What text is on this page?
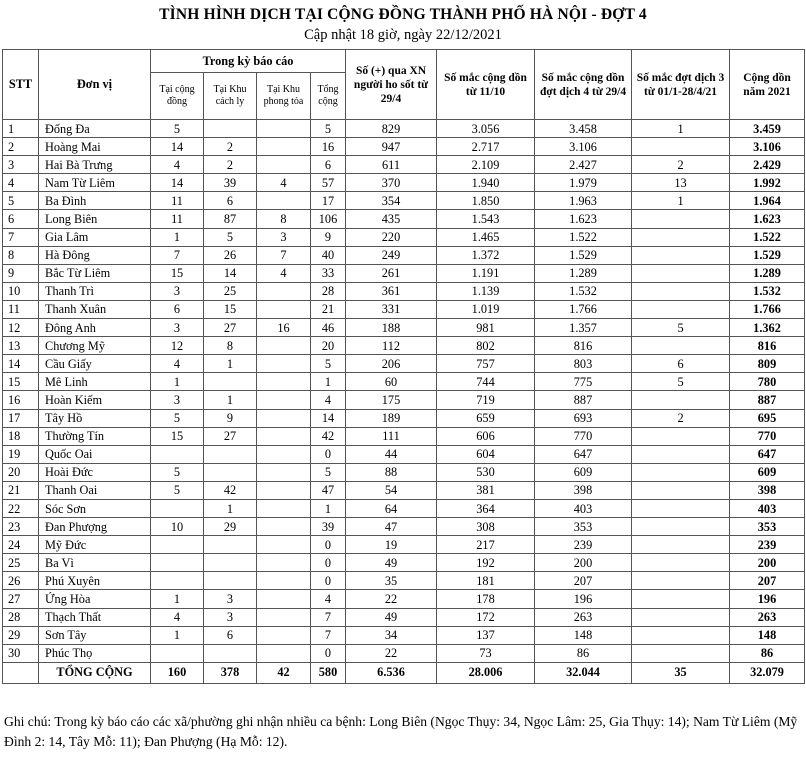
TÌNH HÌNH DỊCH TẠI CỘNG ĐỒNG THÀNH PHỐ HÀ NỘI - ĐỢT 4
Cập nhật 18 giờ, ngày 22/12/2021
STT	Đơn vị	Trong kỳ báo cáo				Số (+) qua XN người ho sốt từ 29/4	Số mắc cộng dồn từ 11/10	Số mắc cộng dồn đợt dịch 4 từ 29/4	Số mắc đợt dịch 3 từ 01/1-28/4/21	Cộng dồn năm 2021
		Tại cộng đồng	Tại Khu cách ly	Tại Khu phong tỏa	Tổng cộng					
1	Đống Đa	5			5	829	3.056	3.458	1	3.459
2	Hoàng Mai	14	2		16	947	2.717	3.106		3.106
3	Hai Bà Trưng	4	2		6	611	2.109	2.427	2	2.429
4	Nam Từ Liêm	14	39	4	57	370	1.940	1.979	13	1.992
5	Ba Đình	11	6		17	354	1.850	1.963	1	1.964
6	Long Biên	11	87	8	106	435	1.543	1.623		1.623
7	Gia Lâm	1	5	3	9	220	1.465	1.522		1.522
8	Hà Đông	7	26	7	40	249	1.372	1.529		1.529
9	Bắc Từ Liêm	15	14	4	33	261	1.191	1.289		1.289
10	Thanh Trì	3	25		28	361	1.139	1.532		1.532
11	Thanh Xuân	6	15		21	331	1.019	1.766		1.766
12	Đông Anh	3	27	16	46	188	981	1.357	5	1.362
13	Chương Mỹ	12	8		20	112	802	816		816
14	Cầu Giấy	4	1		5	206	757	803	6	809
15	Mê Linh	1			1	60	744	775	5	780
16	Hoàn Kiếm	3	1		4	175	719	887		887
17	Tây Hồ	5	9		14	189	659	693	2	695
18	Thường Tín	15	27		42	111	606	770		770
19	Quốc Oai				0	44	604	647		647
20	Hoài Đức	5			5	88	530	609		609
21	Thanh Oai	5	42		47	54	381	398		398
22	Sóc Sơn		1		1	64	364	403		403
23	Đan Phượng	10	29		39	47	308	353		353
24	Mỹ Đức				0	19	217	239		239
25	Ba Vì				0	49	192	200		200
26	Phú Xuyên				0	35	181	207		207
27	Ứng Hòa	1	3		4	22	178	196		196
28	Thạch Thất	4	3		7	49	172	263		263
29	Sơn Tây	1	6		7	34	137	148		148
30	Phúc Thọ				0	22	73	86		86
	TỔNG CỘNG	160	378	42	580	6.536	28.006	32.044	35	32.079
Ghi chú: Trong kỳ báo cáo các xã/phường ghi nhận nhiều ca bệnh: Long Biên (Ngọc Thụy: 34, Ngọc Lâm: 25, Gia Thụy: 14); Nam Từ Liêm (Mỹ Đình 2: 14, Tây Mỗ: 11); Đan Phượng (Hạ Mỗ: 12).
